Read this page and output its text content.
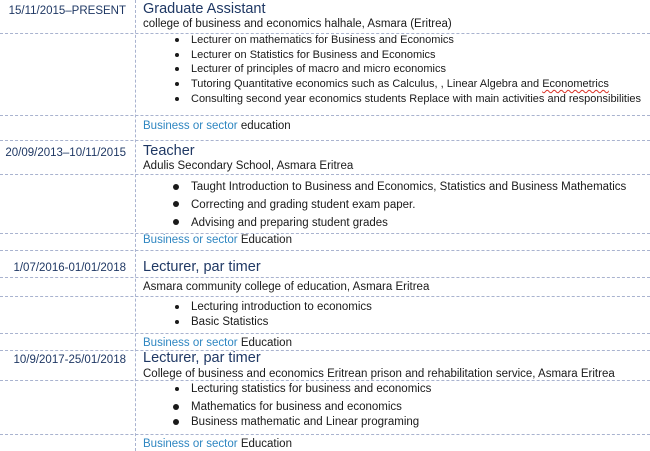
15/11/2015–PRESENT Graduate Assistant
college of business and economics halhale, Asmara (Eritrea)
Lecturer on mathematics for Business and Economics
Lecturer on Statistics for Business and Economics
Lecturer of principles of macro and micro economics
Tutoring Quantitative economics such as Calculus, , Linear Algebra and Econometrics
Consulting second year economics students Replace with main activities and responsibilities
Business or sector education
20/09/2013–10/11/2015 Teacher
Adulis Secondary School, Asmara Eritrea
Taught Introduction to Business and Economics, Statistics and Business Mathematics
Correcting and grading student exam paper.
Advising and preparing student grades
Business or sector Education
1/07/2016-01/01/2018 Lecturer, par timer
Asmara community college of education, Asmara Eritrea
Lecturing introduction to economics
Basic Statistics
Business or sector Education
10/9/2017-25/01/2018 Lecturer, par timer
College of business and economics Eritrean prison and rehabilitation service, Asmara Eritrea
Lecturing statistics for business and economics
Mathematics for business and economics
Business mathematic and Linear programing
Business or sector Education
